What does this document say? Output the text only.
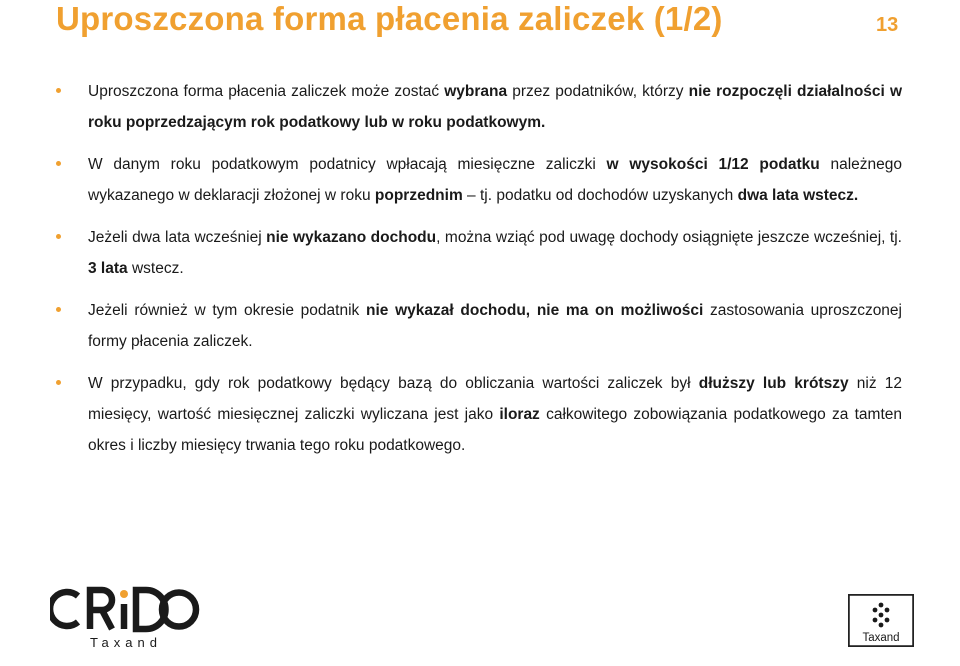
Uproszczona forma płacenia zaliczek (1/2)	13
Uproszczona forma płacenia zaliczek może zostać wybrana przez podatników, którzy nie rozpoczęli działalności w roku poprzedzającym rok podatkowy lub w roku podatkowym.
W danym roku podatkowym podatnicy wpłacają miesięczne zaliczki w wysokości 1/12 podatku należnego wykazanego w deklaracji złożonej w roku poprzednim – tj. podatku od dochodów uzyskanych dwa lata wstecz.
Jeżeli dwa lata wcześniej nie wykazano dochodu, można wziąć pod uwagę dochody osiągnięte jeszcze wcześniej, tj. 3 lata wstecz.
Jeżeli również w tym okresie podatnik nie wykazał dochodu, nie ma on możliwości zastosowania uproszczonej formy płacenia zaliczek.
W przypadku, gdy rok podatkowy będący bazą do obliczania wartości zaliczek był dłuższy lub krótszy niż 12 miesięcy, wartość miesięcznej zaliczki wyliczana jest jako iloraz całkowitego zobowiązania podatkowego za tamten okres i liczby miesięcy trwania tego roku podatkowego.
Taxand	Taxand
